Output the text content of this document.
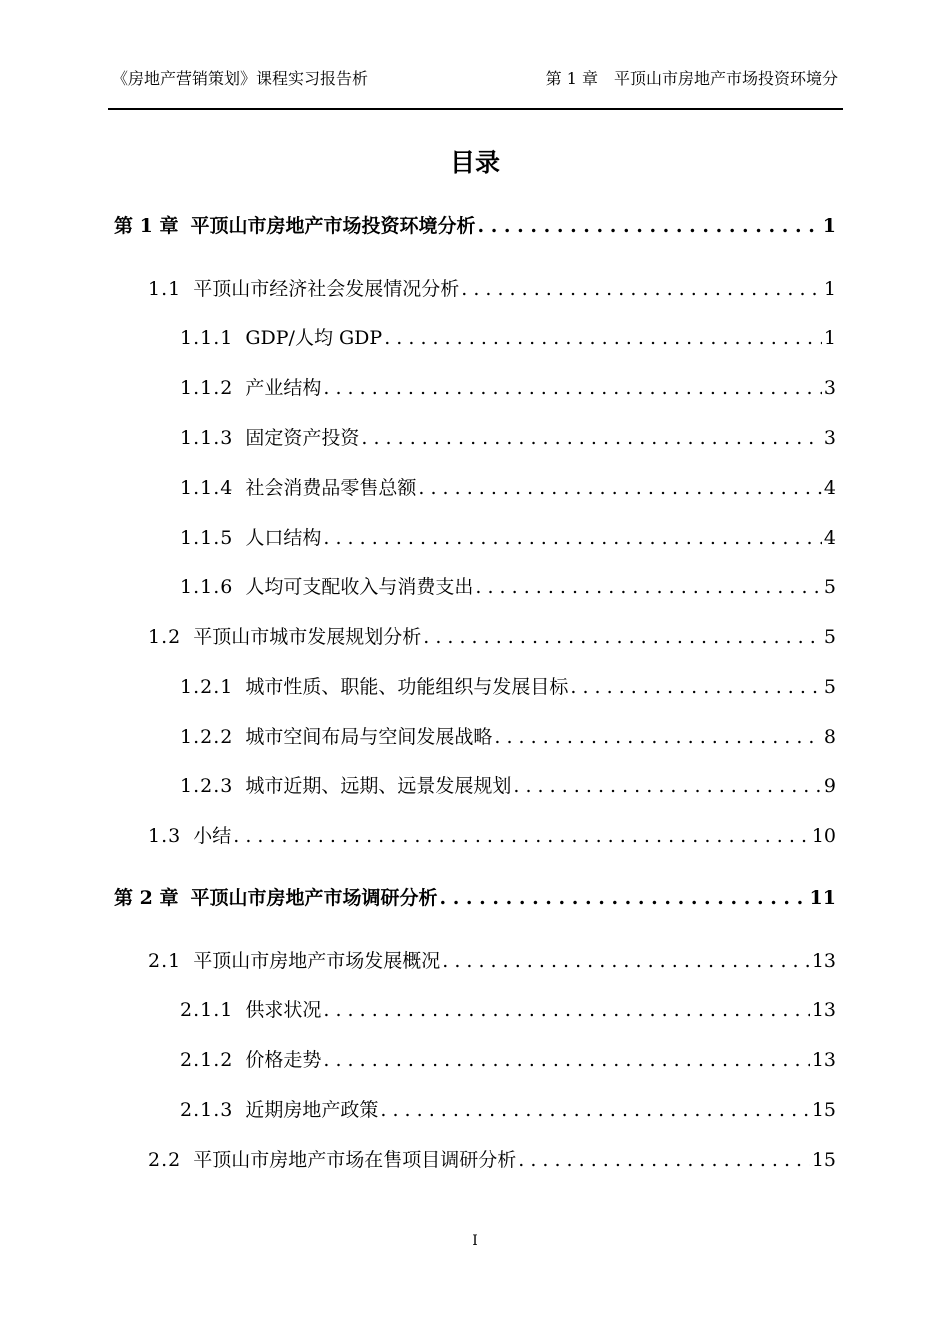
《房地产营销策划》课程实习报告析	第 1 章　平顶山市房地产市场投资环境分
目录
第 1 章 平顶山市房地产市场投资环境分析 . . .	1
1.1 平顶山市经济社会发展情况分析 . . .	1
1.1.1 GDP/人均 GDP . . .	1
1.1.2 产业结构 . . .	3
1.1.3 固定资产投资 . . .	3
1.1.4 社会消费品零售总额 . . .	4
1.1.5 人口结构 . . .	4
1.1.6 人均可支配收入与消费支出 . . .	5
1.2 平顶山市城市发展规划分析 . . .	5
1.2.1 城市性质、职能、功能组织与发展目标 . . .	5
1.2.2 城市空间布局与空间发展战略 . . .	8
1.2.3 城市近期、远期、远景发展规划 . . .	9
1.3 小结 . . .	10
第 2 章 平顶山市房地产市场调研分析 . . .	11
2.1 平顶山市房地产市场发展概况 . . .	13
2.1.1 供求状况 . . .	13
2.1.2 价格走势 . . .	13
2.1.3 近期房地产政策 . . .	15
2.2 平顶山市房地产市场在售项目调研分析 . . .	15
I
